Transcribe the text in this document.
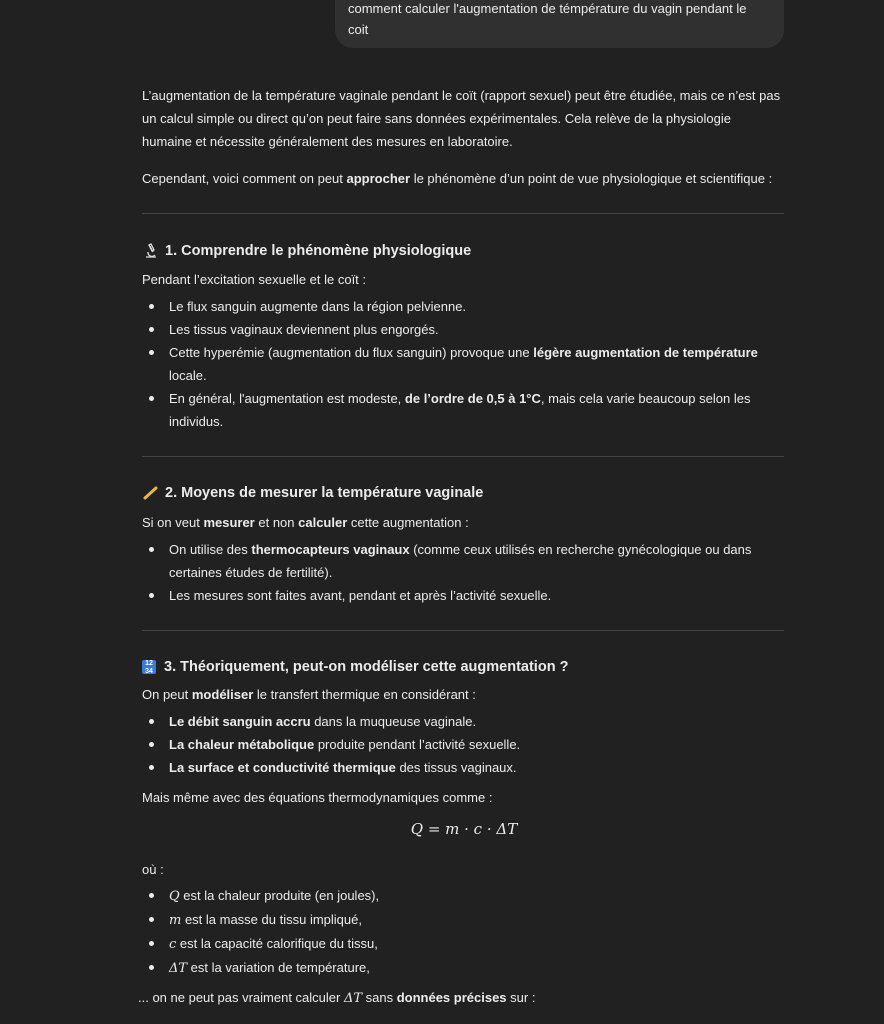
comment calculer l'augmentation de témpérature du vagin pendant le
coit

L’augmentation de la température vaginale pendant le coït (rapport sexuel) peut être étudiée, mais ce n’est pas un calcul simple ou direct qu’on peut faire sans données expérimentales. Cela relève de la physiologie humaine et nécessite généralement des mesures en laboratoire.

Cependant, voici comment on peut approcher le phénomène d’un point de vue physiologique et scientifique :

1. Comprendre le phénomène physiologique

Pendant l’excitation sexuelle et le coït :

Le flux sanguin augmente dans la région pelvienne.
Les tissus vaginaux deviennent plus engorgés.
Cette hyperémie (augmentation du flux sanguin) provoque une légère augmentation de température locale.
En général, l'augmentation est modeste, de l’ordre de 0,5 à 1°C, mais cela varie beaucoup selon les individus.
2. Moyens de mesurer la température vaginale

Si on veut mesurer et non calculer cette augmentation :

On utilise des thermocapteurs vaginaux (comme ceux utilisés en recherche gynécologique ou dans certaines études de fertilité).
Les mesures sont faites avant, pendant et après l’activité sexuelle.
12 34 3. Théoriquement, peut-on modéliser cette augmentation ?

On peut modéliser le transfert thermique en considérant :

Le débit sanguin accru dans la muqueuse vaginale.
La chaleur métabolique produite pendant l’activité sexuelle.
La surface et conductivité thermique des tissus vaginaux.

Mais même avec des équations thermodynamiques comme :

Q = m · c · ΔT

où :

Q est la chaleur produite (en joules),
m est la masse du tissu impliqué,
c est la capacité calorifique du tissu,
ΔT est la variation de température,

... on ne peut pas vraiment calculer ΔT sans données précises sur :
